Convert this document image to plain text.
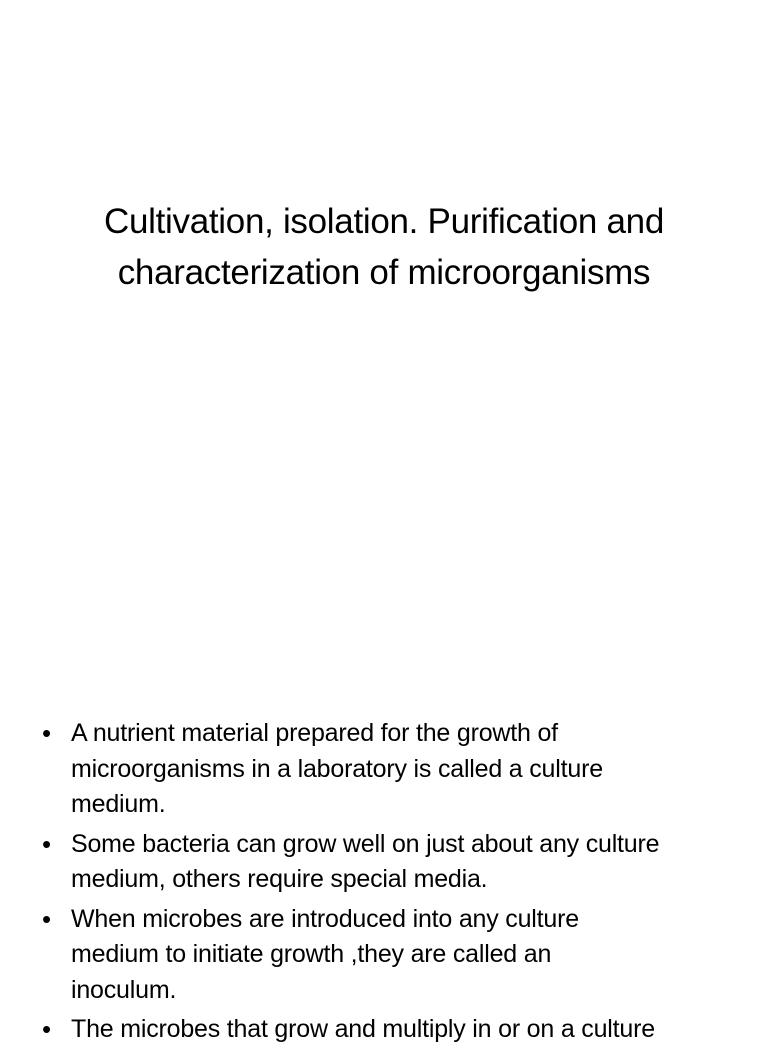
Cultivation, isolation. Purification and
characterization of microorganisms
• A nutrient material prepared for the growth of
microorganisms in a laboratory is called a culture
medium.
• Some bacteria can grow well on just about any culture
medium, others require special media.
• When microbes are introduced into any culture
medium to initiate growth ,they are called an
inoculum.
• The microbes that grow and multiply in or on a culture
